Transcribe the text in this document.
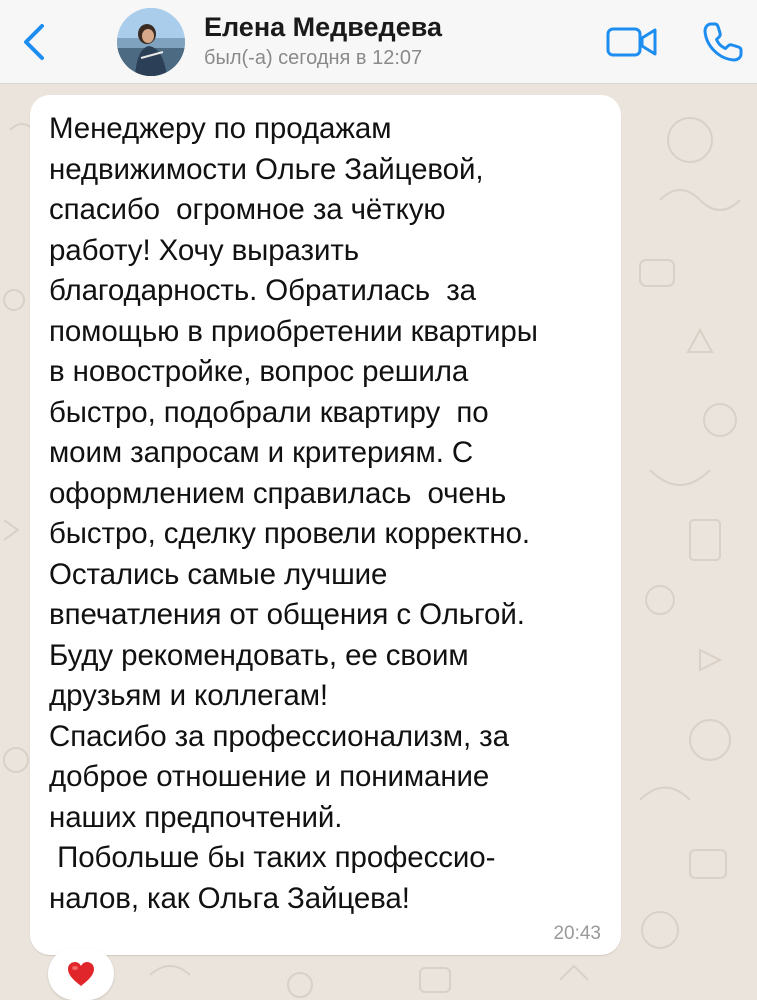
Елена Медведева
был(-а) сегодня в 12:07

Менеджеру по продажам
недвижимости Ольге Зайцевой,
спасибо  огромное за чёткую
работу! Хочу выразить
благодарность. Обратилась  за
помощью в приобретении квартиры
в новостройке, вопрос решила
быстро, подобрали квартиру  по
моим запросам и критериям. С
оформлением справилась  очень
быстро, сделку провели корректно.
Остались самые лучшие
впечатления от общения с Ольгой.
Буду рекомендовать, ее своим
друзьям и коллегам!
Спасибо за профессионализм, за
доброе отношение и понимание
наших предпочтений.
Побольше бы таких профессио-
налов, как Ольга Зайцева!

20:43
